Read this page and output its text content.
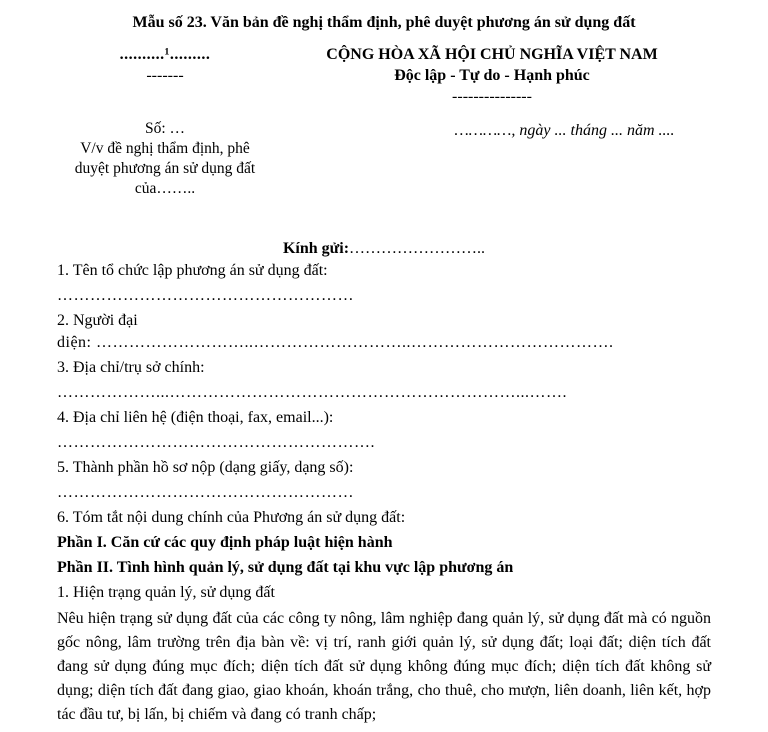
Mẫu số 23. Văn bản đề nghị thẩm định, phê duyệt phương án sử dụng đất
..........¹.........
-------
CỘNG HÒA XÃ HỘI CHỦ NGHĨA VIỆT NAM
Độc lập - Tự do - Hạnh phúc
---------------
Số: …
V/v đề nghị thẩm định, phê
duyệt phương án sử dụng đất
của……..
…………, ngày ... tháng ... năm ....
Kính gửi:……………………..

1. Tên tổ chức lập phương án sử dụng đất:

………………………………………………

2. Người đại
diện: ………………………..………………………..……………………………….

3. Địa chỉ/trụ sở chính:

………………...………………………………………………………...…….

4. Địa chỉ liên hệ (điện thoại, fax, email...):

………………………………………………….

5. Thành phần hồ sơ nộp (dạng giấy, dạng số):

………………………………………………

6. Tóm tắt nội dung chính của Phương án sử dụng đất:

Phần I. Căn cứ các quy định pháp luật hiện hành

Phần II. Tình hình quản lý, sử dụng đất tại khu vực lập phương án

1. Hiện trạng quản lý, sử dụng đất

Nêu hiện trạng sử dụng đất của các công ty nông, lâm nghiệp đang quản lý, sử dụng đất mà có nguồn gốc nông, lâm trường trên địa bàn về: vị trí, ranh giới quản lý, sử dụng đất; loại đất; diện tích đất đang sử dụng đúng mục đích; diện tích đất sử dụng không đúng mục đích; diện tích đất không sử dụng; diện tích đất đang giao, giao khoán, khoán trắng, cho thuê, cho mượn, liên doanh, liên kết, hợp tác đầu tư, bị lấn, bị chiếm và đang có tranh chấp;
